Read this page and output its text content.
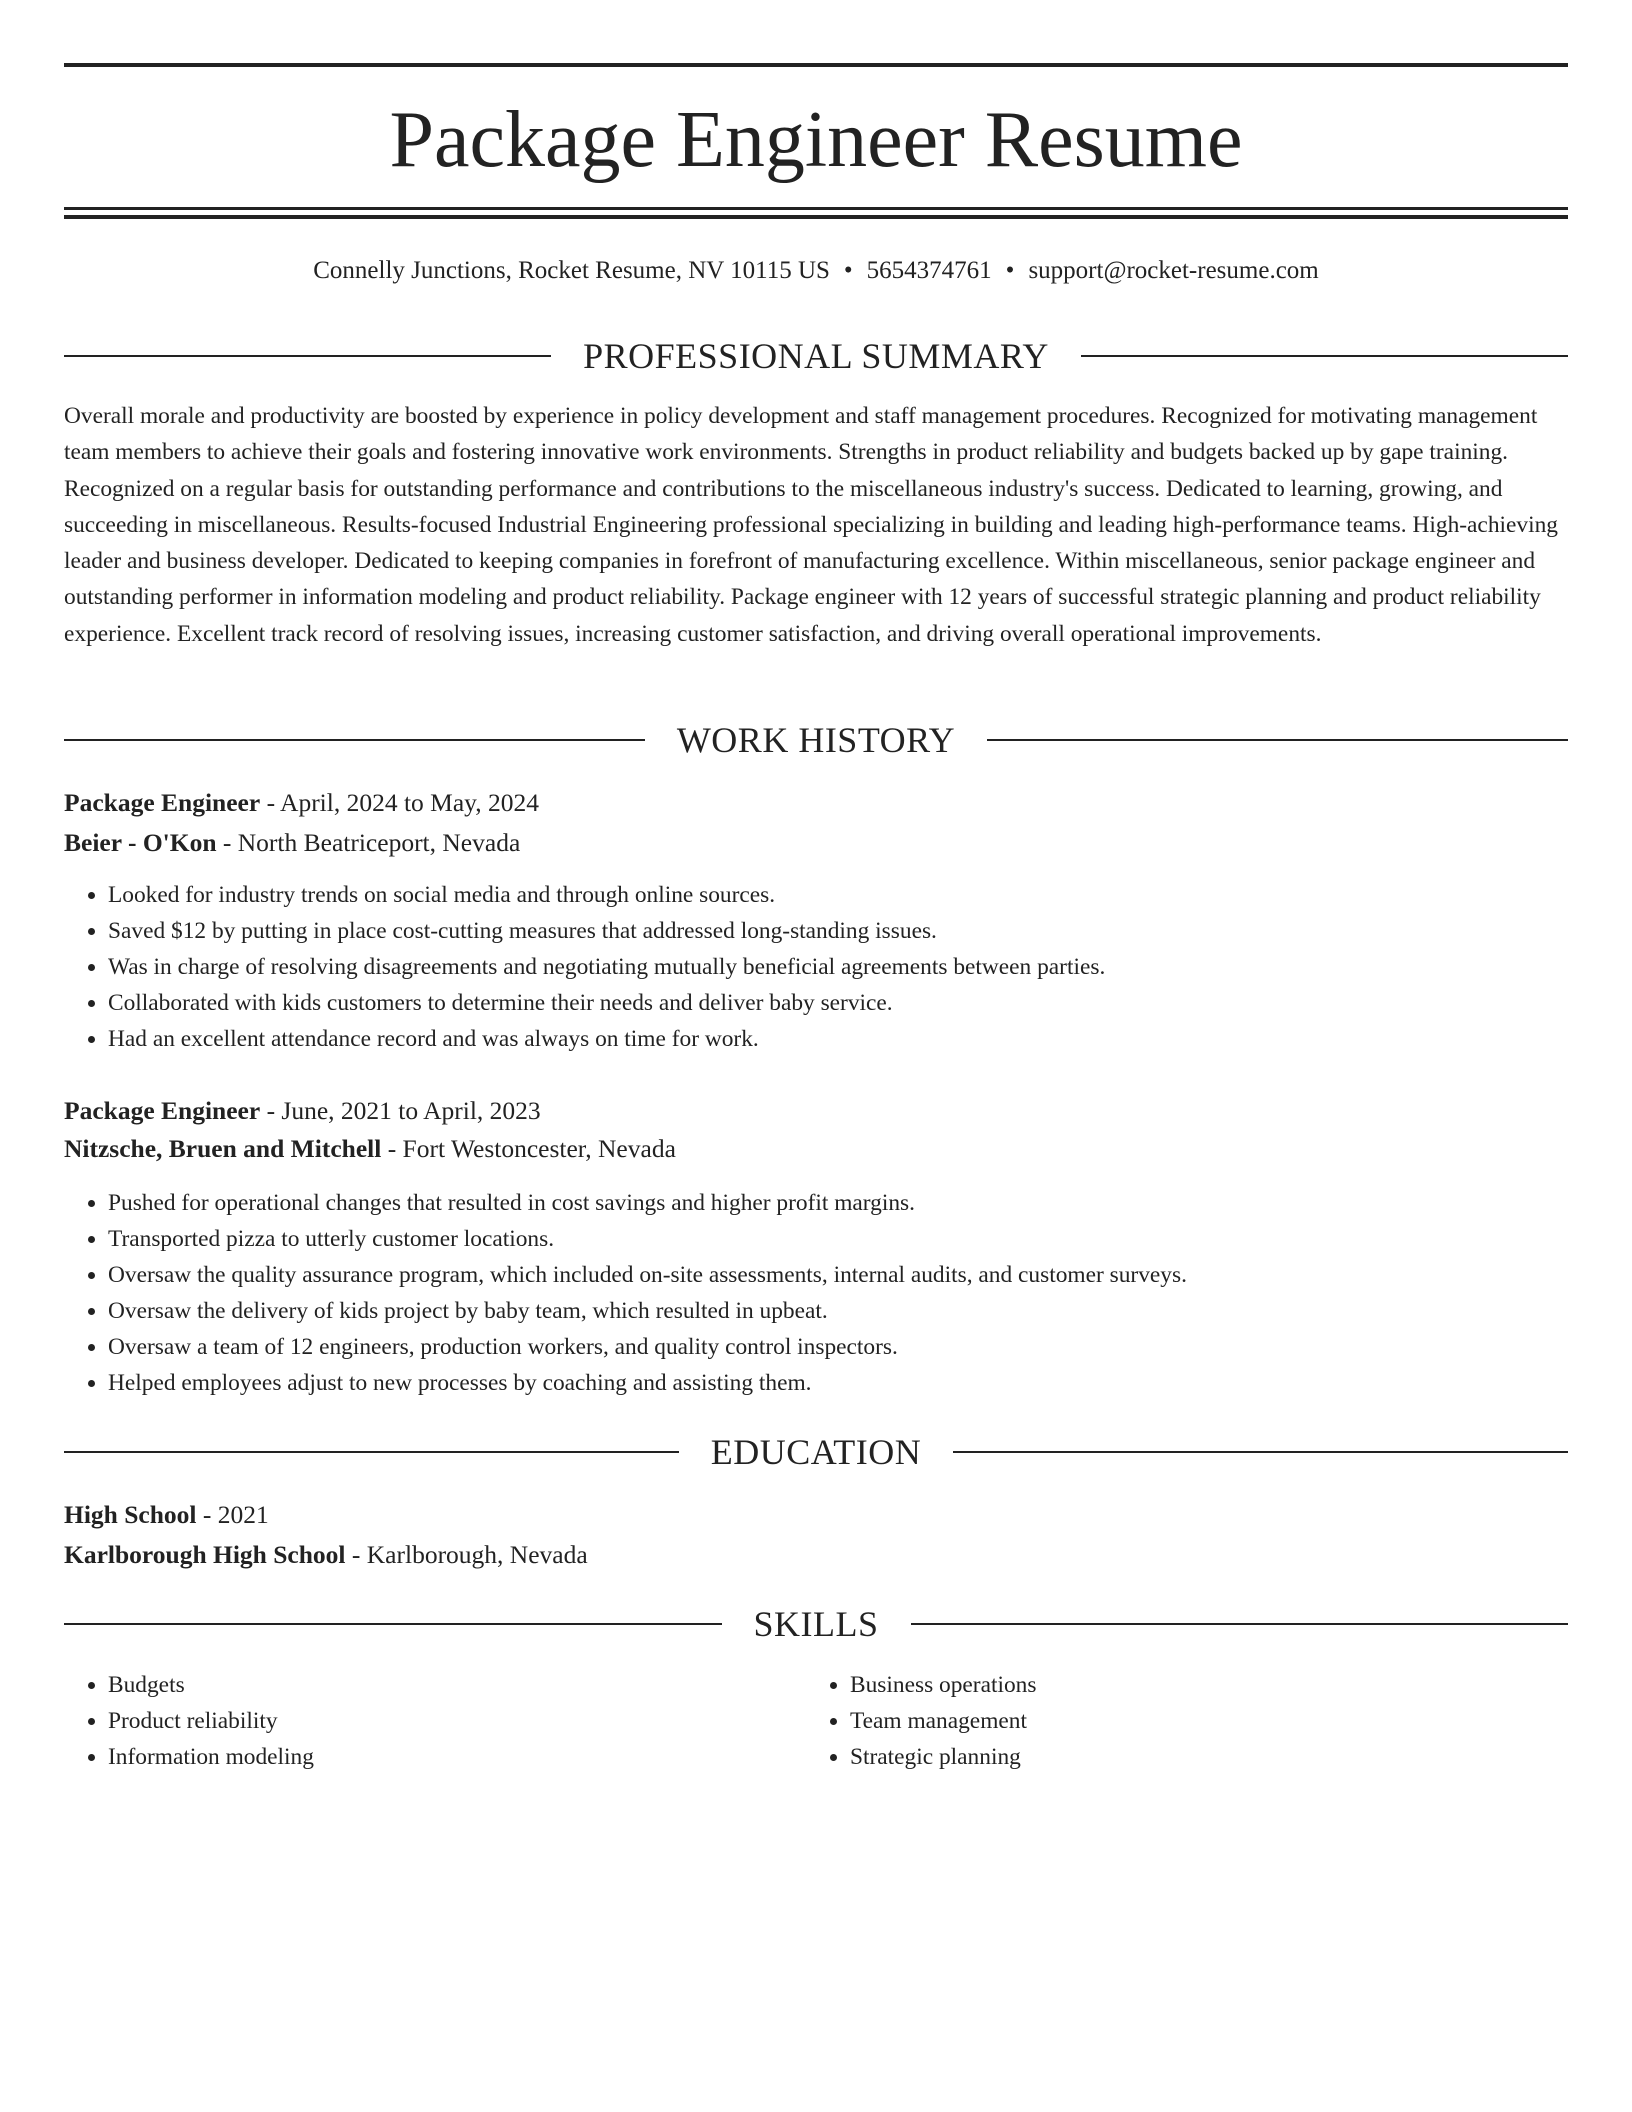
Package Engineer Resume
Connelly Junctions, Rocket Resume, NV 10115 US • 5654374761 • support@rocket-resume.com
PROFESSIONAL SUMMARY

Overall morale and productivity are boosted by experience in policy development and staff management procedures. Recognized for motivating management team members to achieve their goals and fostering innovative work environments. Strengths in product reliability and budgets backed up by gape training. Recognized on a regular basis for outstanding performance and contributions to the miscellaneous industry's success. Dedicated to learning, growing, and succeeding in miscellaneous. Results-focused Industrial Engineering professional specializing in building and leading high-performance teams. High-achieving leader and business developer. Dedicated to keeping companies in forefront of manufacturing excellence. Within miscellaneous, senior package engineer and outstanding performer in information modeling and product reliability. Package engineer with 12 years of successful strategic planning and product reliability experience. Excellent track record of resolving issues, increasing customer satisfaction, and driving overall operational improvements.

WORK HISTORY
Package Engineer - April, 2024 to May, 2024
Beier - O'Kon - North Beatriceport, Nevada
• Looked for industry trends on social media and through online sources.
• Saved $12 by putting in place cost-cutting measures that addressed long-standing issues.
• Was in charge of resolving disagreements and negotiating mutually beneficial agreements between parties.
• Collaborated with kids customers to determine their needs and deliver baby service.
• Had an excellent attendance record and was always on time for work.
Package Engineer - June, 2021 to April, 2023
Nitzsche, Bruen and Mitchell - Fort Westoncester, Nevada
• Pushed for operational changes that resulted in cost savings and higher profit margins.
• Transported pizza to utterly customer locations.
• Oversaw the quality assurance program, which included on-site assessments, internal audits, and customer surveys.
• Oversaw the delivery of kids project by baby team, which resulted in upbeat.
• Oversaw a team of 12 engineers, production workers, and quality control inspectors.
• Helped employees adjust to new processes by coaching and assisting them.
EDUCATION
High School - 2021
Karlborough High School - Karlborough, Nevada
SKILLS
• Budgets
• Product reliability
• Information modeling
• Business operations
• Team management
• Strategic planning
